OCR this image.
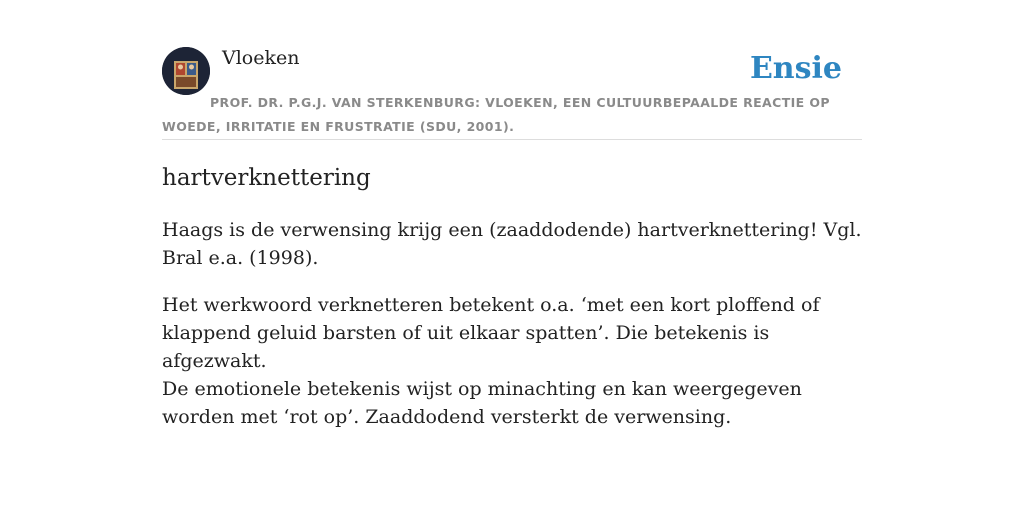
Vloeken	Ensie
PROF. DR. P.G.J. VAN STERKENBURG: VLOEKEN, EEN CULTUURBEPAALDE REACTIE OP WOEDE, IRRITATIE EN FRUSTRATIE (SDU, 2001).
hartverknettering

Haags is de verwensing krijg een (zaaddodende) hartverknettering! Vgl. Bral e.a. (1998).

Het werkwoord verknetteren betekent o.a. ‘met een kort ploffend of klappend geluid barsten of uit elkaar spatten’. Die betekenis is afgezwakt.

De emotionele betekenis wijst op minachting en kan weergegeven worden met ‘rot op’. Zaaddodend versterkt de verwensing.
